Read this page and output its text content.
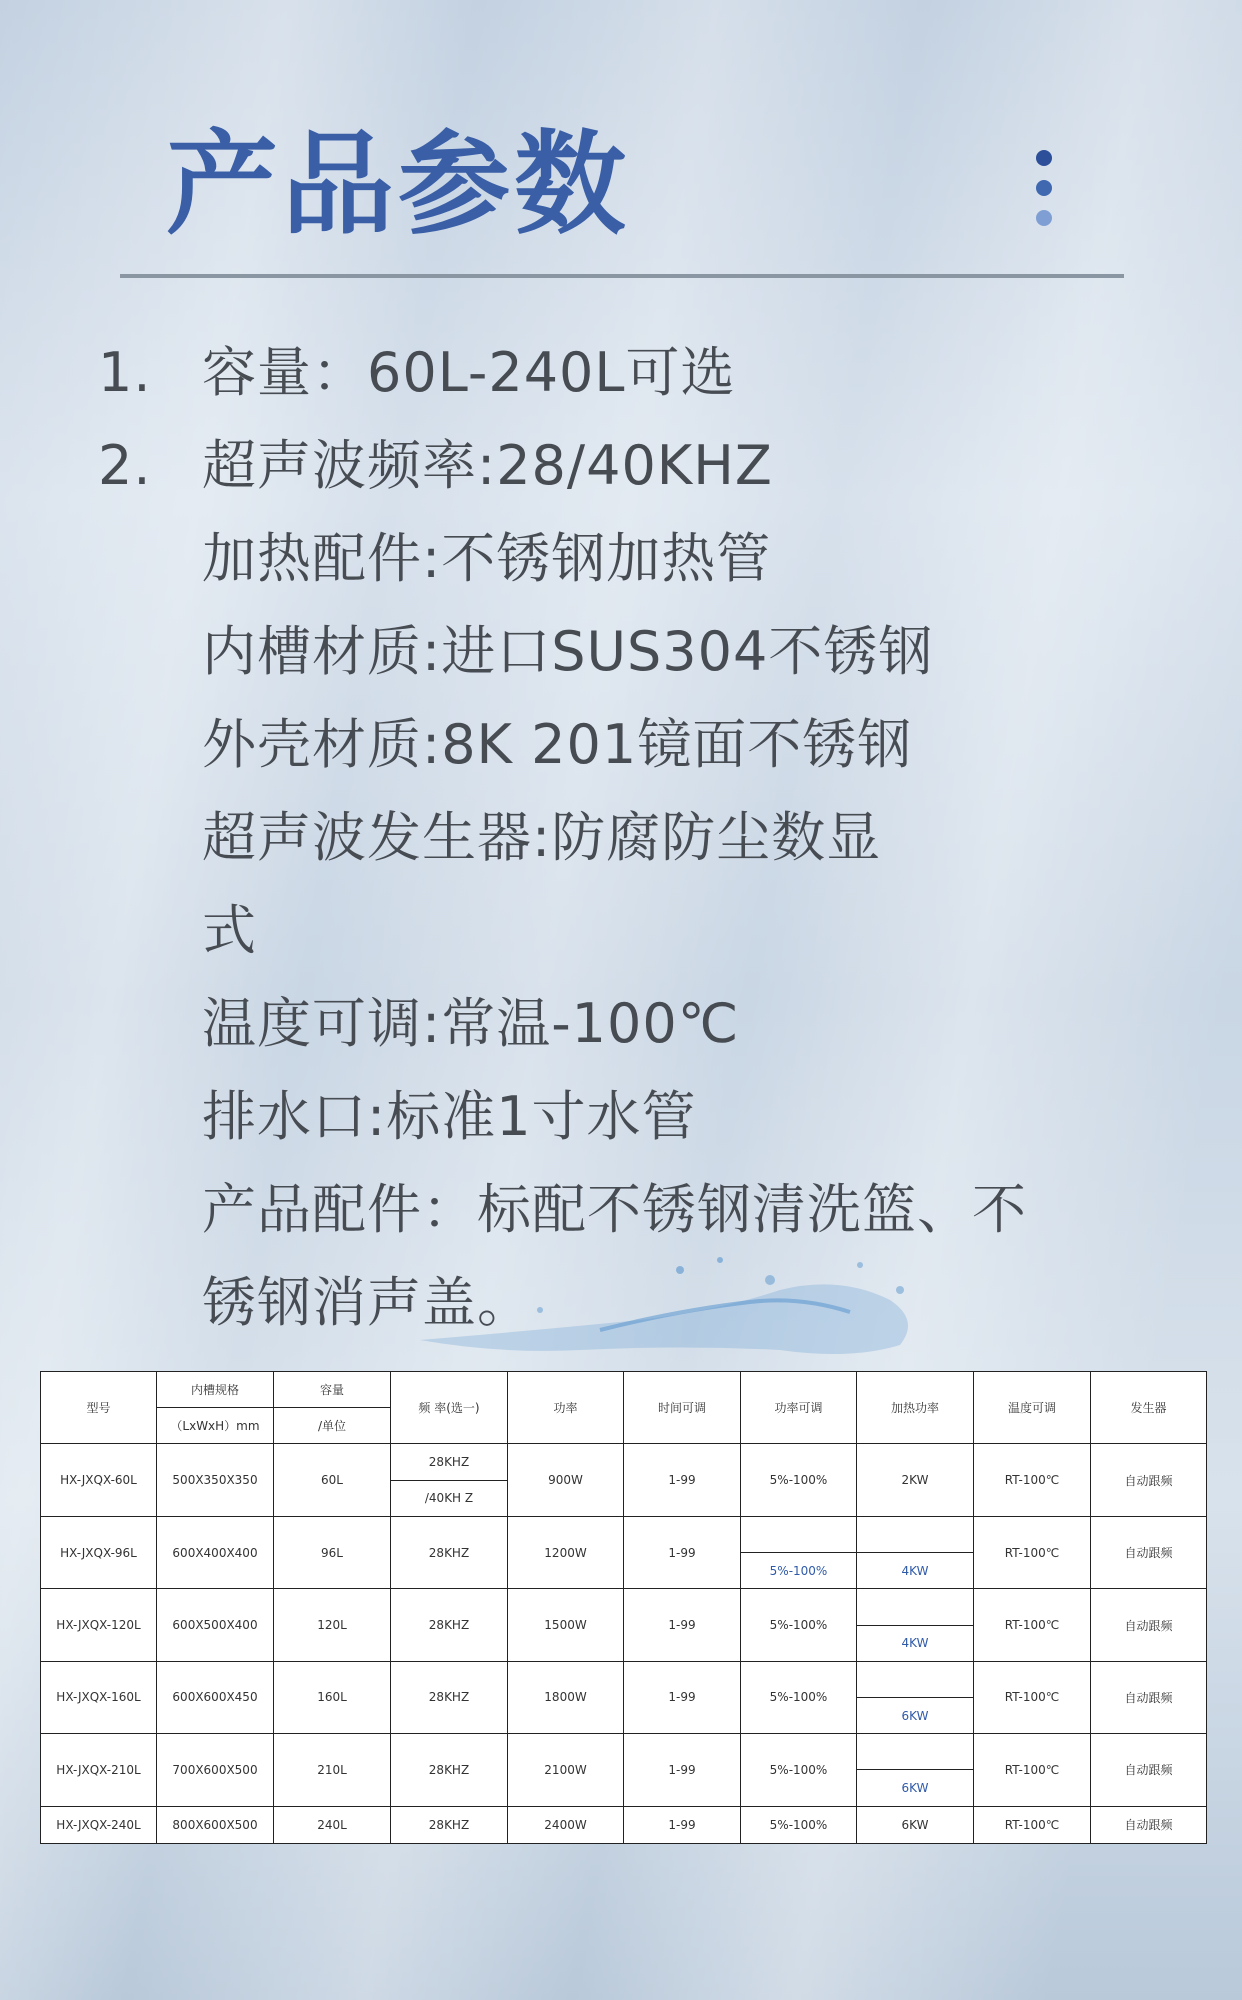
产品参数
1. 容量：60L-240L可选
2. 超声波频率:28/40KHZ
加热配件:不锈钢加热管
内槽材质:进口SUS304不锈钢
外壳材质:8K 201镜面不锈钢
超声波发生器:防腐防尘数显
式
温度可调:常温-100℃
排水口:标准1寸水管
产品配件：标配不锈钢清洗篮、不
锈钢消声盖。
型号	内槽规格	容量	频 率(选一)	功率	时间可调	功率可调	加热功率	温度可调	发生器
	（LxWxH）mm	/单位							
HX-JXQX-60L	500X350X350	60L	28KHZ	900W	1-99	5%-100%	2KW	RT-100℃	自动跟频
			/40KH Z						
HX-JXQX-96L	600X400X400	96L	28KHZ	1200W	1-99			RT-100℃	自动跟频
						5%-100%	4KW		
HX-JXQX-120L	600X500X400	120L	28KHZ	1500W	1-99	5%-100%		RT-100℃	自动跟频
							4KW		
HX-JXQX-160L	600X600X450	160L	28KHZ	1800W	1-99	5%-100%		RT-100℃	自动跟频
							6KW		
HX-JXQX-210L	700X600X500	210L	28KHZ	2100W	1-99	5%-100%		RT-100℃	自动跟频
							6KW		
HX-JXQX-240L	800X600X500	240L	28KHZ	2400W	1-99	5%-100%	6KW	RT-100℃	自动跟频
